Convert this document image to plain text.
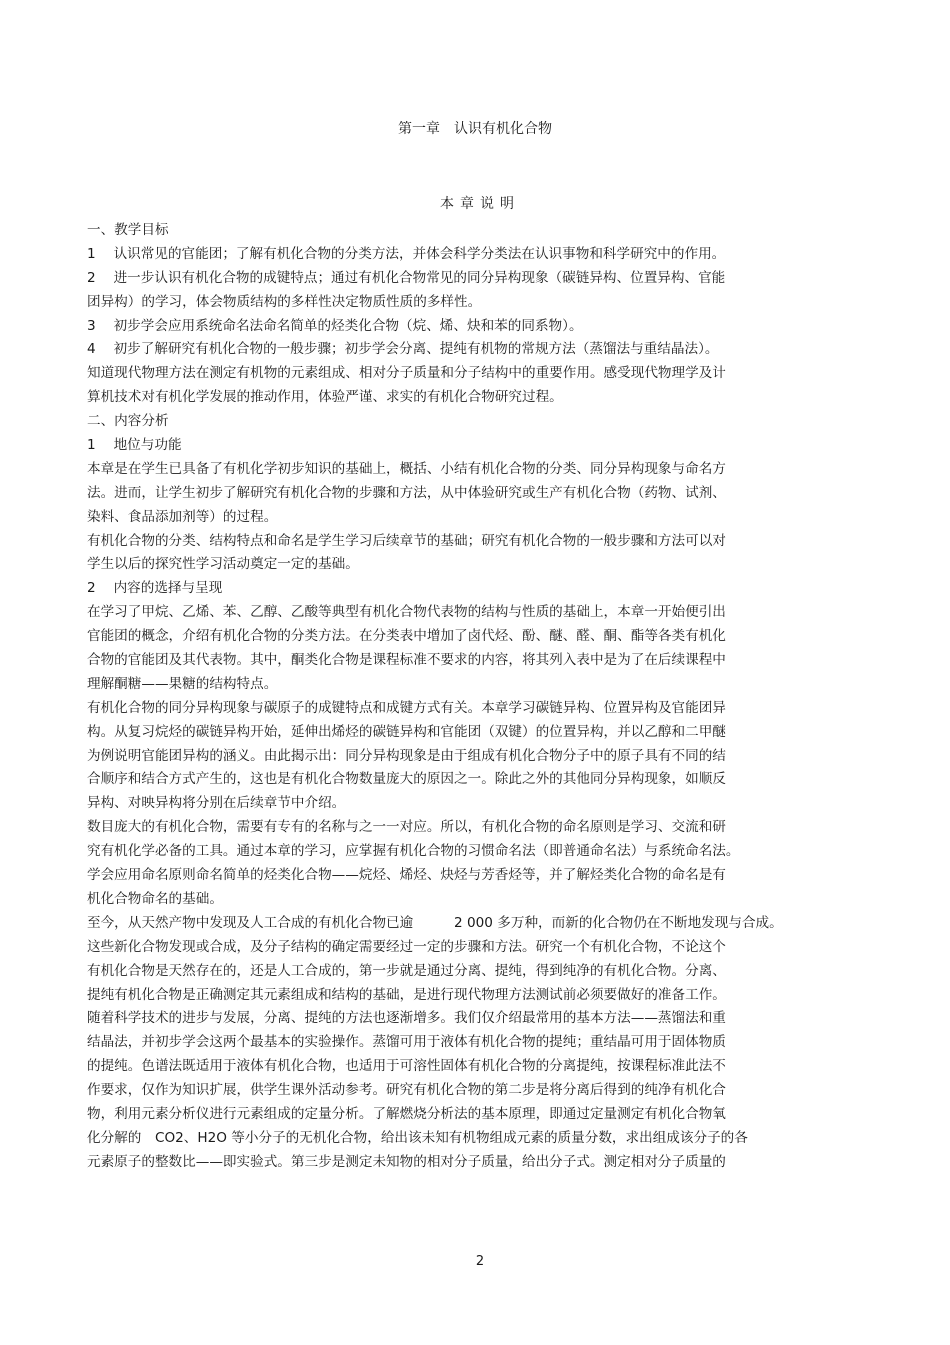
第一章　认识有机化合物
本章说明
一、教学目标
1　 认识常见的官能团；了解有机化合物的分类方法，并体会科学分类法在认识事物和科学研究中的作用。
2　 进一步认识有机化合物的成键特点；通过有机化合物常见的同分异构现象（碳链异构、位置异构、官能
团异构）的学习，体会物质结构的多样性决定物质性质的多样性。
3　 初步学会应用系统命名法命名简单的烃类化合物（烷、烯、炔和苯的同系物）。
4　 初步了解研究有机化合物的一般步骤；初步学会分离、提纯有机物的常规方法（蒸馏法与重结晶法）。
知道现代物理方法在测定有机物的元素组成、相对分子质量和分子结构中的重要作用。感受现代物理学及计
算机技术对有机化学发展的推动作用，体验严谨、求实的有机化合物研究过程。
二、内容分析
1　 地位与功能
本章是在学生已具备了有机化学初步知识的基础上，概括、小结有机化合物的分类、同分异构现象与命名方
法。进而，让学生初步了解研究有机化合物的步骤和方法，从中体验研究或生产有机化合物（药物、试剂、
染料、食品添加剂等）的过程。
有机化合物的分类、结构特点和命名是学生学习后续章节的基础；研究有机化合物的一般步骤和方法可以对
学生以后的探究性学习活动奠定一定的基础。
2　 内容的选择与呈现
在学习了甲烷、乙烯、苯、乙醇、乙酸等典型有机化合物代表物的结构与性质的基础上，本章一开始便引出
官能团的概念，介绍有机化合物的分类方法。在分类表中增加了卤代烃、酚、醚、醛、酮、酯等各类有机化
合物的官能团及其代表物。其中，酮类化合物是课程标准不要求的内容，将其列入表中是为了在后续课程中
理解酮糖——果糖的结构特点。
有机化合物的同分异构现象与碳原子的成键特点和成键方式有关。本章学习碳链异构、位置异构及官能团异
构。从复习烷烃的碳链异构开始，延伸出烯烃的碳链异构和官能团（双键）的位置异构，并以乙醇和二甲醚
为例说明官能团异构的涵义。由此揭示出：同分异构现象是由于组成有机化合物分子中的原子具有不同的结
合顺序和结合方式产生的，这也是有机化合物数量庞大的原因之一。除此之外的其他同分异构现象，如顺反
异构、对映异构将分别在后续章节中介绍。
数目庞大的有机化合物，需要有专有的名称与之一一对应。所以，有机化合物的命名原则是学习、交流和研
究有机化学必备的工具。通过本章的学习，应掌握有机化合物的习惯命名法（即普通命名法）与系统命名法。
学会应用命名原则命名简单的烃类化合物——烷烃、烯烃、炔烃与芳香烃等，并了解烃类化合物的命名是有
机化合物命名的基础。
至今，从天然产物中发现及人工合成的有机化合物已逾　　　2 000 多万种，而新的化合物仍在不断地发现与合成。
这些新化合物发现或合成，及分子结构的确定需要经过一定的步骤和方法。研究一个有机化合物，不论这个
有机化合物是天然存在的，还是人工合成的，第一步就是通过分离、提纯，得到纯净的有机化合物。分离、
提纯有机化合物是正确测定其元素组成和结构的基础，是进行现代物理方法测试前必须要做好的准备工作。
随着科学技术的进步与发展，分离、提纯的方法也逐渐增多。我们仅介绍最常用的基本方法——蒸馏法和重
结晶法，并初步学会这两个最基本的实验操作。蒸馏可用于液体有机化合物的提纯；重结晶可用于固体物质
的提纯。色谱法既适用于液体有机化合物，也适用于可溶性固体有机化合物的分离提纯，按课程标准此法不
作要求，仅作为知识扩展，供学生课外活动参考。研究有机化合物的第二步是将分离后得到的纯净有机化合
物，利用元素分析仪进行元素组成的定量分析。了解燃烧分析法的基本原理，即通过定量测定有机化合物氧
化分解的　CO2、H2O 等小分子的无机化合物，给出该未知有机物组成元素的质量分数，求出组成该分子的各
元素原子的整数比——即实验式。第三步是测定未知物的相对分子质量，给出分子式。测定相对分子质量的
2
